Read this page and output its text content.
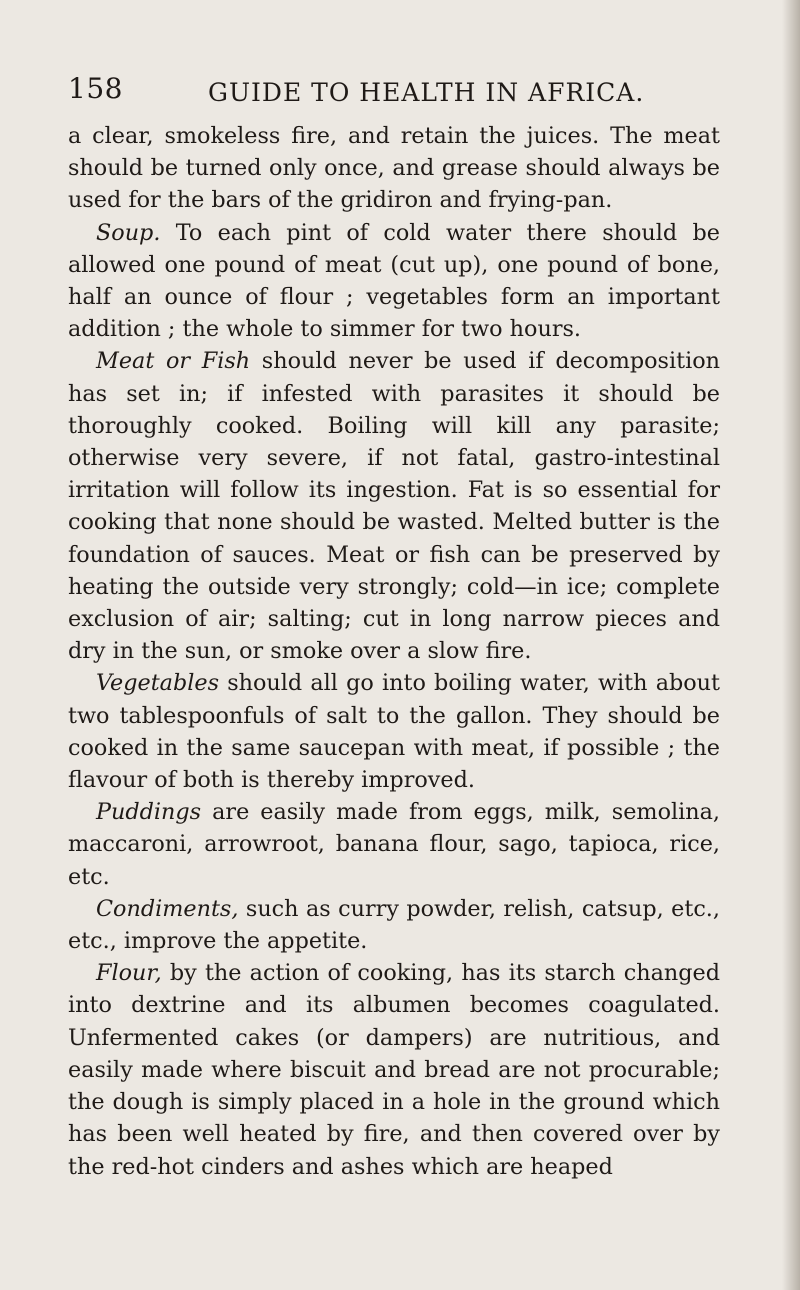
158	GUIDE TO HEALTH IN AFRICA.

a clear, smokeless fire, and retain the juices. The meat should be turned only once, and grease should always be used for the bars of the gridiron and frying-pan.

Soup. To each pint of cold water there should be allowed one pound of meat (cut up), one pound of bone, half an ounce of flour ; vegetables form an important addition ; the whole to simmer for two hours.

Meat or Fish should never be used if decomposition has set in; if infested with parasites it should be thoroughly cooked. Boiling will kill any parasite; otherwise very severe, if not fatal, gastro-intestinal irritation will follow its ingestion. Fat is so essential for cooking that none should be wasted. Melted butter is the foundation of sauces. Meat or fish can be preserved by heating the outside very strongly; cold—in ice; complete exclusion of air; salting; cut in long narrow pieces and dry in the sun, or smoke over a slow fire.

Vegetables should all go into boiling water, with about two tablespoonfuls of salt to the gallon. They should be cooked in the same saucepan with meat, if possible ; the flavour of both is thereby improved.

Puddings are easily made from eggs, milk, semolina, maccaroni, arrowroot, banana flour, sago, tapioca, rice, etc.

Condiments, such as curry powder, relish, catsup, etc., etc., improve the appetite.

Flour, by the action of cooking, has its starch changed into dextrine and its albumen becomes coagulated. Unfermented cakes (or dampers) are nutritious, and easily made where biscuit and bread are not procurable; the dough is simply placed in a hole in the ground which has been well heated by fire, and then covered over by the red-hot cinders and ashes which are heaped
